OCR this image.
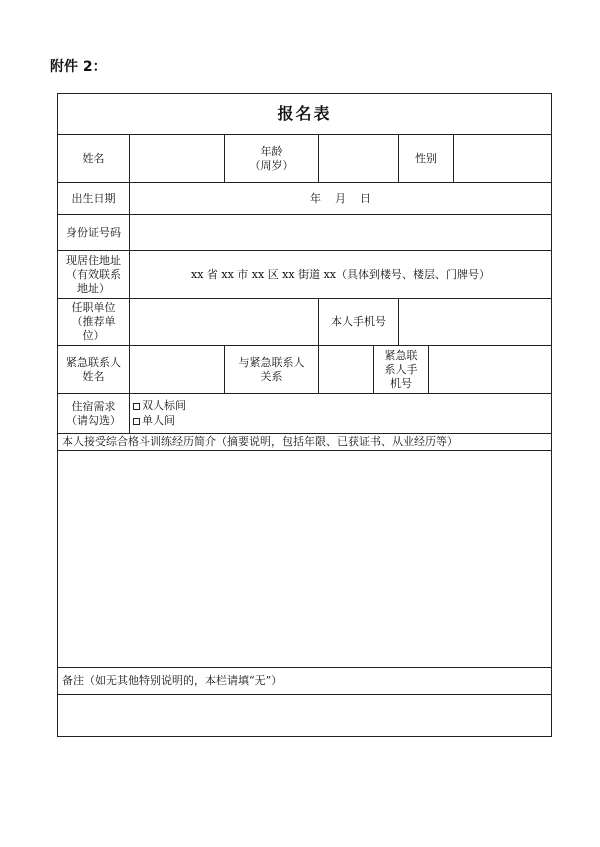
附件 2：
报名表
姓名
年龄
（周岁）
性别
出生日期	年    月    日
身份证号码
现居住地址
（有效联系
地址）
xx 省 xx 市 xx 区 xx 街道 xx（具体到楼号、楼层、门牌号）
任职单位
（推荐单
位）
本人手机号
紧急联系人
姓名
与紧急联系人
关系
紧急联
系人手
机号
住宿需求
（请勾选）
双人标间
单人间
本人接受综合格斗训练经历简介（摘要说明，包括年限、已获证书、从业经历等）
备注（如无其他特别说明的，本栏请填“无”）
